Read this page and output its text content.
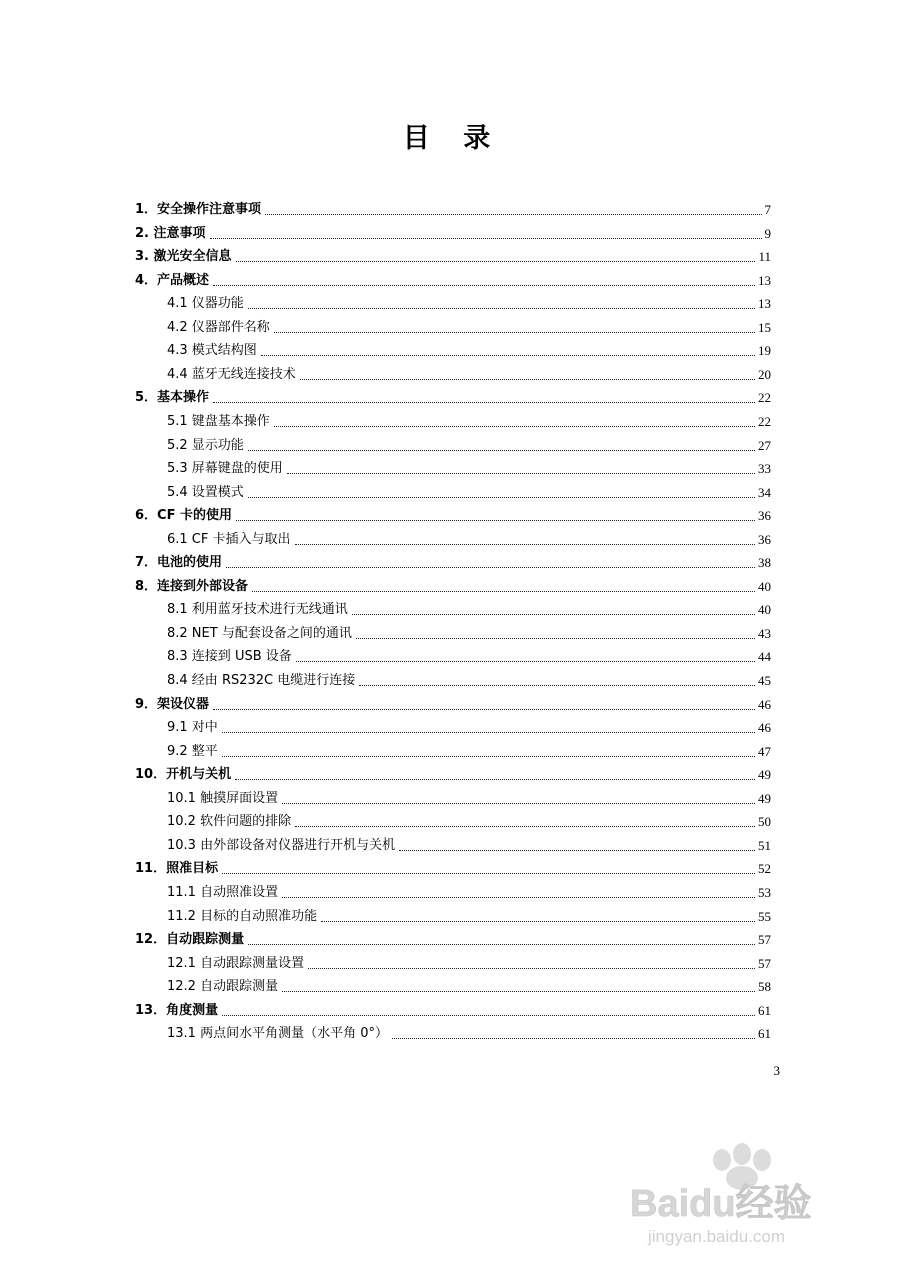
目 录
1．安全操作注意事项	7
2. 注意事项	9
3. 激光安全信息	11
4．产品概述	13
4.1 仪器功能	13
4.2 仪器部件名称	15
4.3 模式结构图	19
4.4 蓝牙无线连接技术	20
5．基本操作	22
5.1 键盘基本操作	22
5.2 显示功能	27
5.3 屏幕键盘的使用	33
5.4 设置模式	34
6．CF 卡的使用	36
6.1 CF 卡插入与取出	36
7．电池的使用	38
8．连接到外部设备	40
8.1 利用蓝牙技术进行无线通讯	40
8.2 NET 与配套设备之间的通讯	43
8.3 连接到 USB 设备	44
8.4 经由 RS232C 电缆进行连接	45
9．架设仪器	46
9.1 对中	46
9.2 整平	47
10．开机与关机	49
10.1 触摸屏面设置	49
10.2 软件问题的排除	50
10.3 由外部设备对仪器进行开机与关机	51
11．照准目标	52
11.1 自动照准设置	53
11.2 目标的自动照准功能	55
12．自动跟踪测量	57
12.1 自动跟踪测量设置	57
12.2 自动跟踪测量	58
13．角度测量	61
13.1 两点间水平角测量（水平角 0°）	61
3
Baidu经验
jingyan.baidu.com
